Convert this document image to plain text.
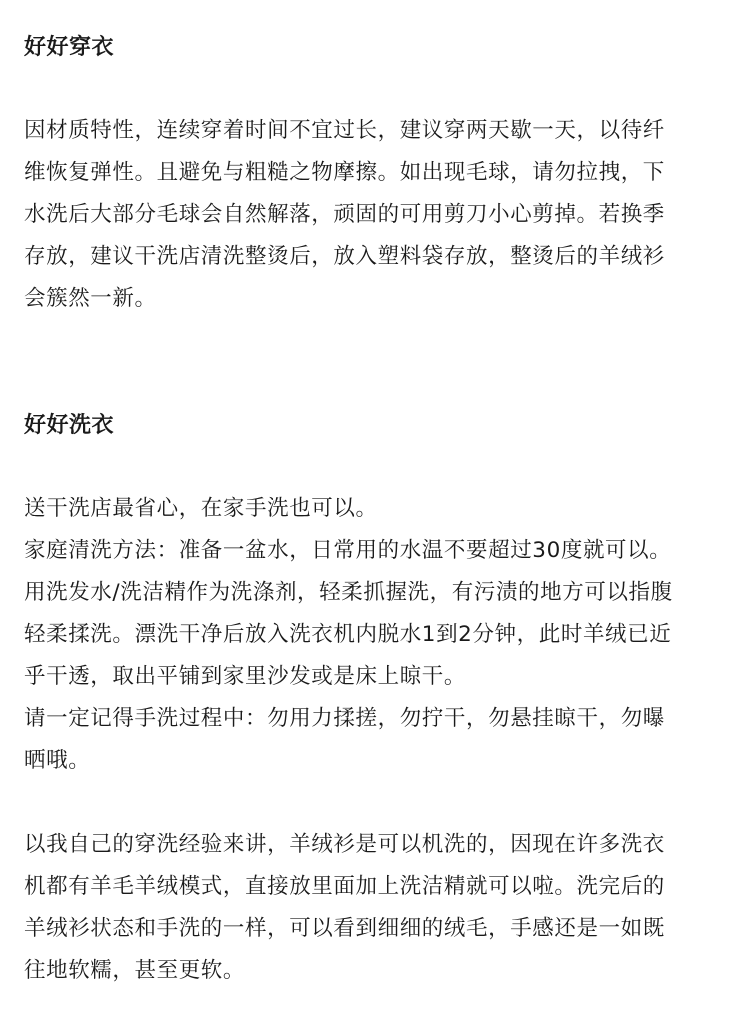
好好穿衣
因材质特性，连续穿着时间不宜过长，建议穿两天歇一天，以待纤
维恢复弹性。且避免与粗糙之物摩擦。如出现毛球，请勿拉拽，下
水洗后大部分毛球会自然解落，顽固的可用剪刀小心剪掉。若换季
存放，建议干洗店清洗整烫后，放入塑料袋存放，整烫后的羊绒衫
会簇然一新。
好好洗衣
送干洗店最省心，在家手洗也可以。
家庭清洗方法：准备一盆水，日常用的水温不要超过30度就可以。
用洗发水/洗洁精作为洗涤剂，轻柔抓握洗，有污渍的地方可以指腹
轻柔揉洗。漂洗干净后放入洗衣机内脱水1到2分钟，此时羊绒已近
乎干透，取出平铺到家里沙发或是床上晾干。
请一定记得手洗过程中：勿用力揉搓，勿拧干，勿悬挂晾干，勿曝
晒哦。
以我自己的穿洗经验来讲，羊绒衫是可以机洗的，因现在许多洗衣
机都有羊毛羊绒模式，直接放里面加上洗洁精就可以啦。洗完后的
羊绒衫状态和手洗的一样，可以看到细细的绒毛，手感还是一如既
往地软糯，甚至更软。
